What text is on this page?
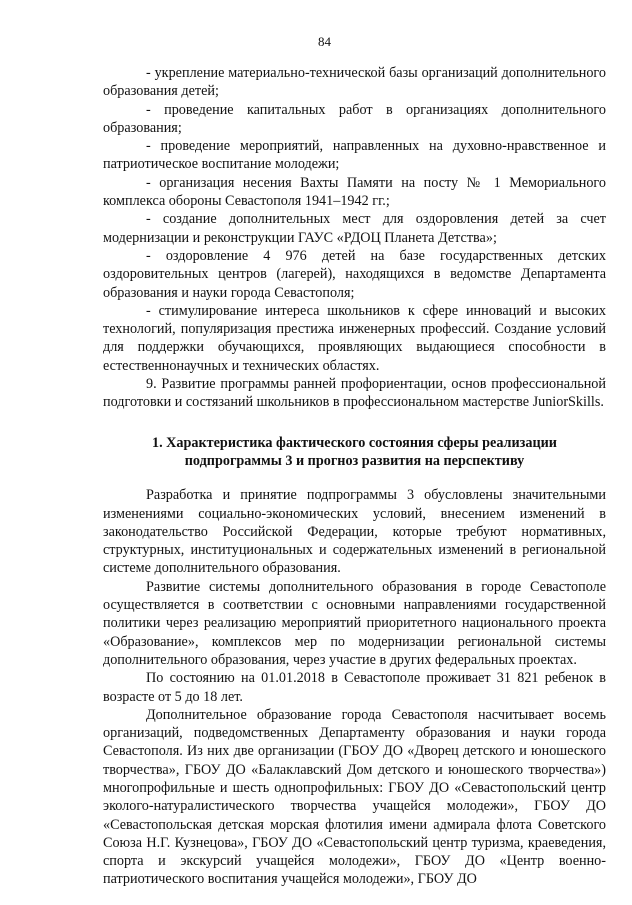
84

- укрепление материально-технической базы организаций дополнительного образования детей;

- проведение капитальных работ в организациях дополнительного образования;

- проведение мероприятий, направленных на духовно-нравственное и патриотическое воспитание молодежи;

- организация несения Вахты Памяти на посту № 1 Мемориального комплекса обороны Севастополя 1941–1942 гг.;

- создание дополнительных мест для оздоровления детей за счет модернизации и реконструкции ГАУС «РДОЦ Планета Детства»;

- оздоровление 4 976 детей на базе государственных детских оздоровительных центров (лагерей), находящихся в ведомстве Департамента образования и науки города Севастополя;

- стимулирование интереса школьников к сфере инноваций и высоких технологий, популяризация престижа инженерных профессий. Создание условий для поддержки обучающихся, проявляющих выдающиеся способности в естественнонаучных и технических областях.

9. Развитие программы ранней профориентации, основ профессиональной подготовки и состязаний школьников в профессиональном мастерстве JuniorSkills.

1. Характеристика фактического состояния сферы реализации
подпрограммы 3 и прогноз развития на перспективу

Разработка и принятие подпрограммы 3 обусловлены значительными изменениями социально-экономических условий, внесением изменений в законодательство Российской Федерации, которые требуют нормативных, структурных, институциональных и содержательных изменений в региональной системе дополнительного образования.

Развитие системы дополнительного образования в городе Севастополе осуществляется в соответствии с основными направлениями государственной политики через реализацию мероприятий приоритетного национального проекта «Образование», комплексов мер по модернизации региональной системы дополнительного образования, через участие в других федеральных проектах.

По состоянию на 01.01.2018 в Севастополе проживает 31 821 ребенок в возрасте от 5 до 18 лет.

Дополнительное образование города Севастополя насчитывает восемь организаций, подведомственных Департаменту образования и науки города Севастополя. Из них две организации (ГБОУ ДО «Дворец детского и юношеского творчества», ГБОУ ДО «Балаклавский Дом детского и юношеского творчества») многопрофильные и шесть однопрофильных: ГБОУ ДО «Севастопольский центр эколого-натуралистического творчества учащейся молодежи», ГБОУ ДО «Севастопольская детская морская флотилия имени адмирала флота Советского Союза Н.Г. Кузнецова», ГБОУ ДО «Севастопольский центр туризма, краеведения, спорта и экскурсий учащейся молодежи», ГБОУ ДО «Центр военно-патриотического воспитания учащейся молодежи», ГБОУ ДО
